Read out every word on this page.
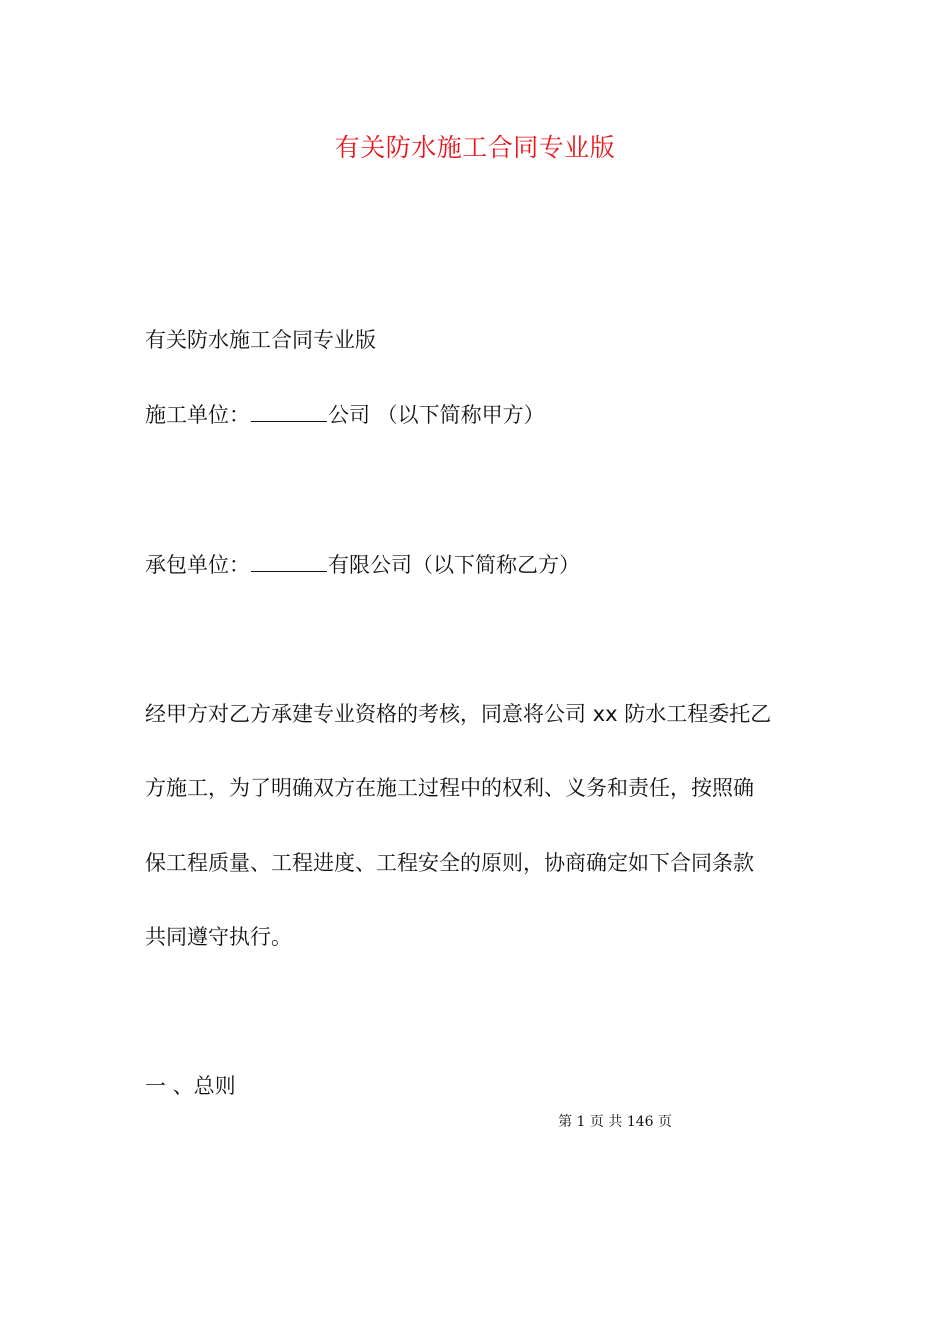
有关防水施工合同专业版
有关防水施工合同专业版
施工单位：	公司 （以下简称甲方）
承包单位：	有限公司（以下简称乙方）
经甲方对乙方承建专业资格的考核，同意将公司 xx 防水工程委托乙
方施工，为了明确双方在施工过程中的权利、义务和责任，按照确
保工程质量、工程进度、工程安全的原则，协商确定如下合同条款
共同遵守执行。
一 、总则
第 1 页 共 146 页
